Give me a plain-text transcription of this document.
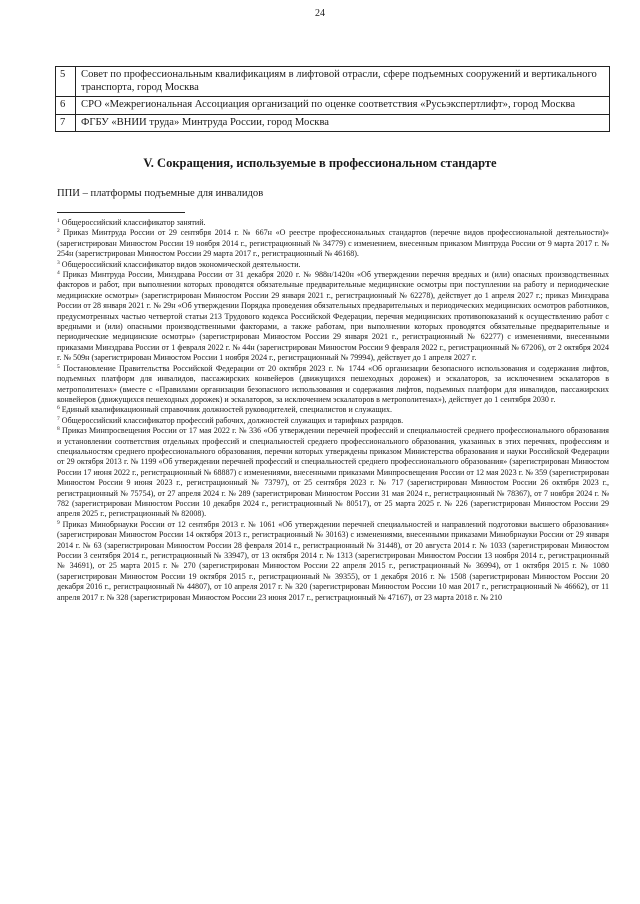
24
5	Совет по профессиональным квалификациям в лифтовой отрасли, сфере подъемных сооружений и вертикального транспорта, город Москва
6	СРО «Межрегиональная Ассоциация организаций по оценке соответствия «Русьэкспертлифт», город Москва
7	ФГБУ «ВНИИ труда» Минтруда России, город Москва
V. Сокращения, используемые в профессиональном стандарте
ППИ – платформы подъемные для инвалидов

$^1$ Общероссийский классификатор занятий.

$^2$ Приказ Минтруда России от 29 сентября 2014 г. № 667н «О реестре профессиональных стандартов (перечне видов профессиональной деятельности)» (зарегистрирован Минюстом России 19 ноября 2014 г., регистрационный № 34779) с изменением, внесенным приказом Минтруда России от 9 марта 2017 г. № 254н (зарегистрирован Минюстом России 29 марта 2017 г., регистрационный № 46168).

$^3$ Общероссийский классификатор видов экономической деятельности.

$^4$ Приказ Минтруда России, Минздрава России от 31 декабря 2020 г. № 988н/1420н «Об утверждении перечня вредных и (или) опасных производственных факторов и работ, при выполнении которых проводятся обязательные предварительные медицинские осмотры при поступлении на работу и периодические медицинские осмотры» (зарегистрирован Минюстом России 29 января 2021 г., регистрационный № 62278), действует до 1 апреля 2027 г.; приказ Минздрава России от 28 января 2021 г. № 29н «Об утверждении Порядка проведения обязательных предварительных и периодических медицинских осмотров работников, предусмотренных частью четвертой статьи 213 Трудового кодекса Российской Федерации, перечня медицинских противопоказаний к осуществлению работ с вредными и (или) опасными производственными факторами, а также работам, при выполнении которых проводятся обязательные предварительные и периодические медицинские осмотры» (зарегистрирован Минюстом России 29 января 2021 г., регистрационный № 62277) с изменениями, внесенными приказами Минздрава России от 1 февраля 2022 г. № 44н (зарегистрирован Минюстом России 9 февраля 2022 г., регистрационный № 67206), от 2 октября 2024 г. № 509н (зарегистрирован Минюстом России 1 ноября 2024 г., регистрационный № 79994), действует до 1 апреля 2027 г.

$^5$ Постановление Правительства Российской Федерации от 20 октября 2023 г. № 1744 «Об организации безопасного использования и содержания лифтов, подъемных платформ для инвалидов, пассажирских конвейеров (движущихся пешеходных дорожек) и эскалаторов, за исключением эскалаторов в метрополитенах» (вместе с «Правилами организации безопасного использования и содержания лифтов, подъемных платформ для инвалидов, пассажирских конвейеров (движущихся пешеходных дорожек) и эскалаторов, за исключением эскалаторов в метрополитенах»), действует до 1 сентября 2030 г.

$^6$ Единый квалификационный справочник должностей руководителей, специалистов и служащих.

$^7$ Общероссийский классификатор профессий рабочих, должностей служащих и тарифных разрядов.

$^8$ Приказ Минпросвещения России от 17 мая 2022 г. № 336 «Об утверждении перечней профессий и специальностей среднего профессионального образования и установлении соответствия отдельных профессий и специальностей среднего профессионального образования, указанных в этих перечнях, профессиям и специальностям среднего профессионального образования, перечни которых утверждены приказом Министерства образования и науки Российской Федерации от 29 октября 2013 г. № 1199 «Об утверждении перечней профессий и специальностей среднего профессионального образования» (зарегистрирован Минюстом России 17 июня 2022 г., регистрационный № 68887) с изменениями, внесенными приказами Минпросвещения России от 12 мая 2023 г. № 359 (зарегистрирован Минюстом России 9 июня 2023 г., регистрационный № 73797), от 25 сентября 2023 г. № 717 (зарегистрирован Минюстом России 26 октября 2023 г., регистрационный № 75754), от 27 апреля 2024 г. № 289 (зарегистрирован Минюстом России 31 мая 2024 г., регистрационный № 78367), от 7 ноября 2024 г. № 782 (зарегистрирован Минюстом России 10 декабря 2024 г., регистрационный № 80517), от 25 марта 2025 г. № 226 (зарегистрирован Минюстом России 29 апреля 2025 г., регистрационный № 82008).

$^9$ Приказ Минобрнауки России от 12 сентября 2013 г. № 1061 «Об утверждении перечней специальностей и направлений подготовки высшего образования» (зарегистрирован Минюстом России 14 октября 2013 г., регистрационный № 30163) с изменениями, внесенными приказами Минобрнауки России от 29 января 2014 г. № 63 (зарегистрирован Минюстом России 28 февраля 2014 г., регистрационный № 31448), от 20 августа 2014 г. № 1033 (зарегистрирован Минюстом России 3 сентября 2014 г., регистрационный № 33947), от 13 октября 2014 г. № 1313 (зарегистрирован Минюстом России 13 ноября 2014 г., регистрационный № 34691), от 25 марта 2015 г. № 270 (зарегистрирован Минюстом России 22 апреля 2015 г., регистрационный № 36994), от 1 октября 2015 г. № 1080 (зарегистрирован Минюстом России 19 октября 2015 г., регистрационный № 39355), от 1 декабря 2016 г. № 1508 (зарегистрирован Минюстом России 20 декабря 2016 г., регистрационный № 44807), от 10 апреля 2017 г. № 320 (зарегистрирован Минюстом России 10 мая 2017 г., регистрационный № 46662), от 11 апреля 2017 г. № 328 (зарегистрирован Минюстом России 23 июня 2017 г., регистрационный № 47167), от 23 марта 2018 г. № 210
